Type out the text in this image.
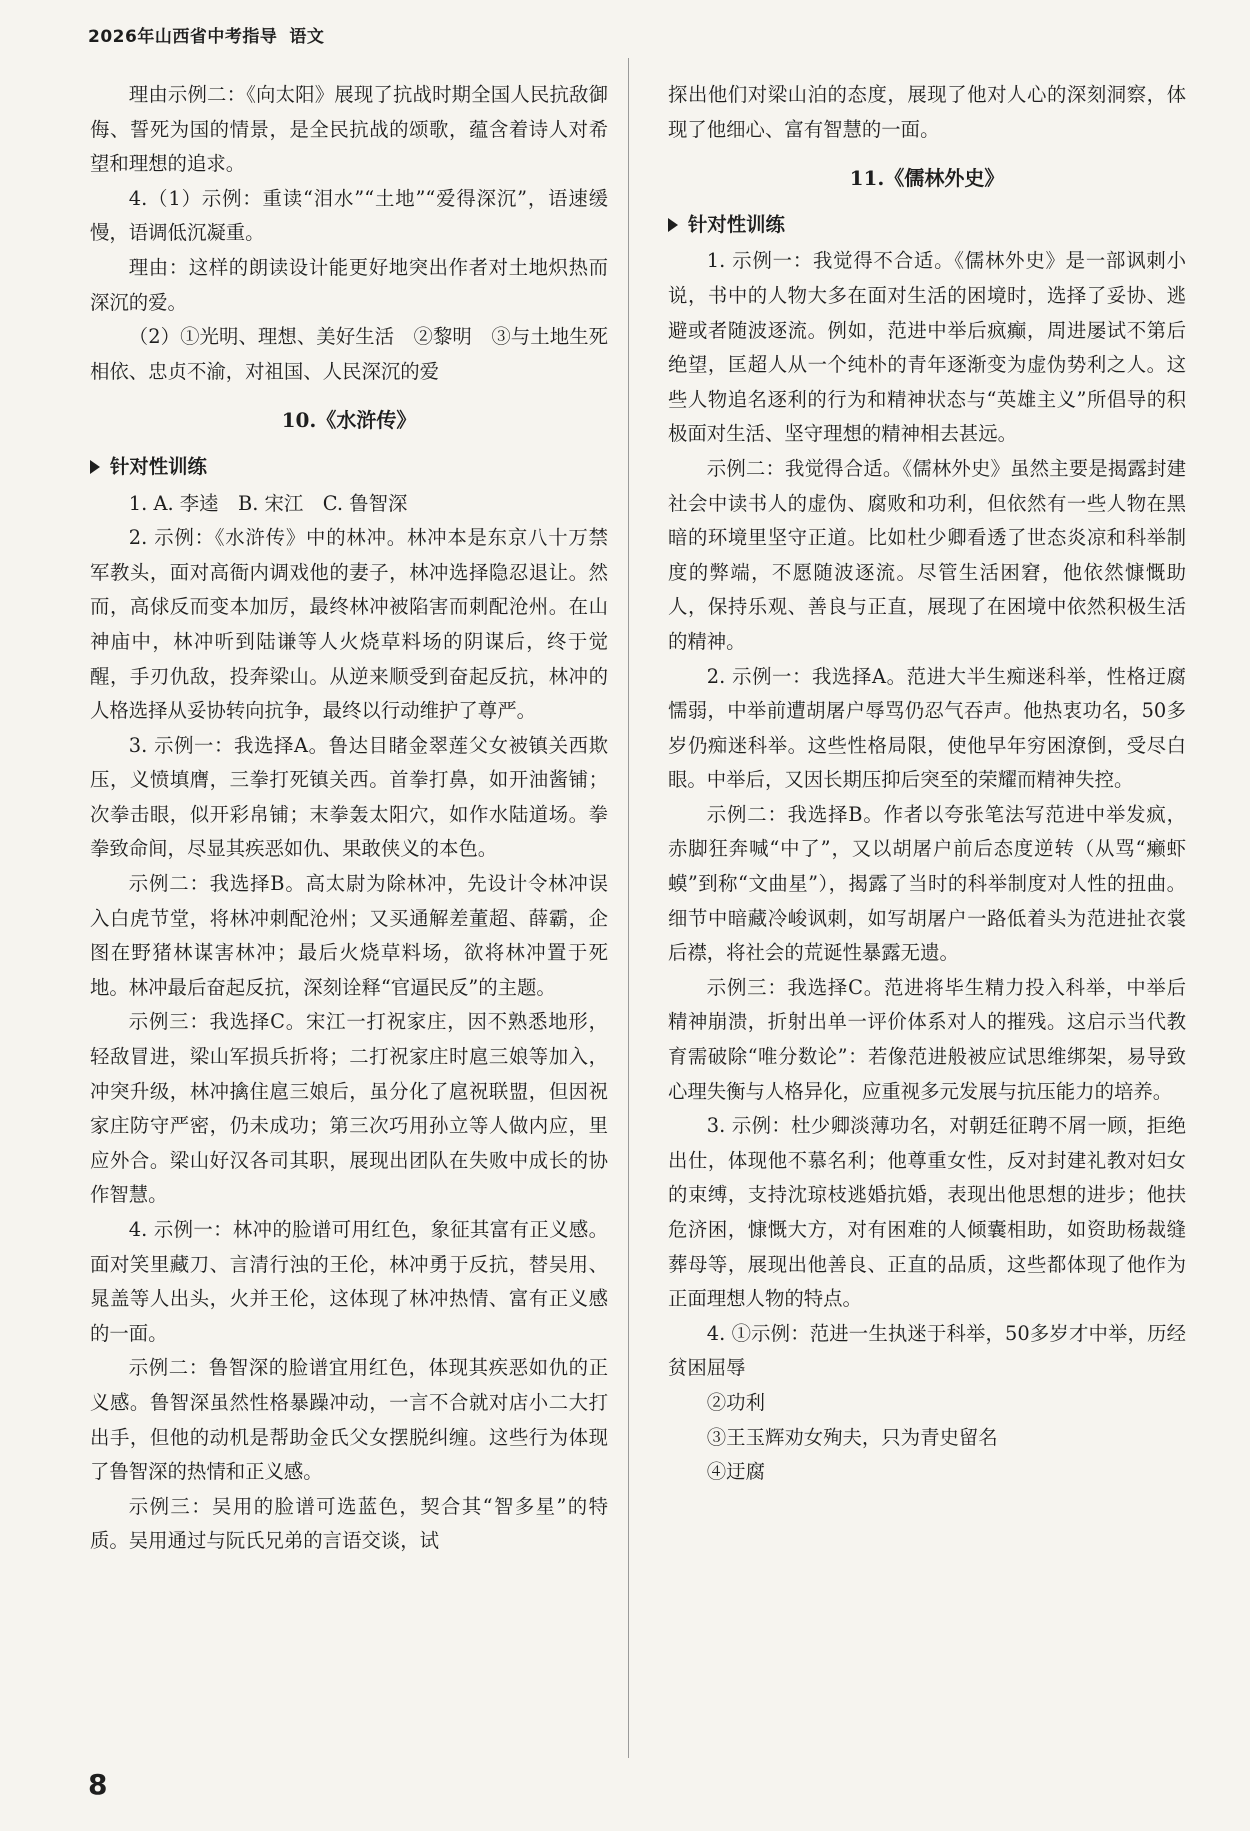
2026年山西省中考指导 语文

理由示例二：《向太阳》展现了抗战时期全国人民抗敌御侮、誓死为国的情景，是全民抗战的颂歌，蕴含着诗人对希望和理想的追求。

4.（1）示例：重读“泪水”“土地”“爱得深沉”，语速缓慢，语调低沉凝重。

理由：这样的朗读设计能更好地突出作者对土地炽热而深沉的爱。

（2）①光明、理想、美好生活　②黎明　③与土地生死相依、忠贞不渝，对祖国、人民深沉的爱

10.《水浒传》
针对性训练

1. A. 李逵　B. 宋江　C. 鲁智深

2. 示例：《水浒传》中的林冲。林冲本是东京八十万禁军教头，面对高衙内调戏他的妻子，林冲选择隐忍退让。然而，高俅反而变本加厉，最终林冲被陷害而刺配沧州。在山神庙中，林冲听到陆谦等人火烧草料场的阴谋后，终于觉醒，手刃仇敌，投奔梁山。从逆来顺受到奋起反抗，林冲的人格选择从妥协转向抗争，最终以行动维护了尊严。

3. 示例一：我选择A。鲁达目睹金翠莲父女被镇关西欺压，义愤填膺，三拳打死镇关西。首拳打鼻，如开油酱铺；次拳击眼，似开彩帛铺；末拳轰太阳穴，如作水陆道场。拳拳致命间，尽显其疾恶如仇、果敢侠义的本色。

示例二：我选择B。高太尉为除林冲，先设计令林冲误入白虎节堂，将林冲刺配沧州；又买通解差董超、薛霸，企图在野猪林谋害林冲；最后火烧草料场，欲将林冲置于死地。林冲最后奋起反抗，深刻诠释“官逼民反”的主题。

示例三：我选择C。宋江一打祝家庄，因不熟悉地形，轻敌冒进，梁山军损兵折将；二打祝家庄时扈三娘等加入，冲突升级，林冲擒住扈三娘后，虽分化了扈祝联盟，但因祝家庄防守严密，仍未成功；第三次巧用孙立等人做内应，里应外合。梁山好汉各司其职，展现出团队在失败中成长的协作智慧。

4. 示例一：林冲的脸谱可用红色，象征其富有正义感。面对笑里藏刀、言清行浊的王伦，林冲勇于反抗，替吴用、晁盖等人出头，火并王伦，这体现了林冲热情、富有正义感的一面。

示例二：鲁智深的脸谱宜用红色，体现其疾恶如仇的正义感。鲁智深虽然性格暴躁冲动，一言不合就对店小二大打出手，但他的动机是帮助金氏父女摆脱纠缠。这些行为体现了鲁智深的热情和正义感。

示例三：吴用的脸谱可选蓝色，契合其“智多星”的特质。吴用通过与阮氏兄弟的言语交谈，试

探出他们对梁山泊的态度，展现了他对人心的深刻洞察，体现了他细心、富有智慧的一面。

11.《儒林外史》
针对性训练

1. 示例一：我觉得不合适。《儒林外史》是一部讽刺小说，书中的人物大多在面对生活的困境时，选择了妥协、逃避或者随波逐流。例如，范进中举后疯癫，周进屡试不第后绝望，匡超人从一个纯朴的青年逐渐变为虚伪势利之人。这些人物追名逐利的行为和精神状态与“英雄主义”所倡导的积极面对生活、坚守理想的精神相去甚远。

示例二：我觉得合适。《儒林外史》虽然主要是揭露封建社会中读书人的虚伪、腐败和功利，但依然有一些人物在黑暗的环境里坚守正道。比如杜少卿看透了世态炎凉和科举制度的弊端，不愿随波逐流。尽管生活困窘，他依然慷慨助人，保持乐观、善良与正直，展现了在困境中依然积极生活的精神。

2. 示例一：我选择A。范进大半生痴迷科举，性格迂腐懦弱，中举前遭胡屠户辱骂仍忍气吞声。他热衷功名，50多岁仍痴迷科举。这些性格局限，使他早年穷困潦倒，受尽白眼。中举后，又因长期压抑后突至的荣耀而精神失控。

示例二：我选择B。作者以夸张笔法写范进中举发疯，赤脚狂奔喊“中了”，又以胡屠户前后态度逆转（从骂“癞虾蟆”到称“文曲星”），揭露了当时的科举制度对人性的扭曲。细节中暗藏冷峻讽刺，如写胡屠户一路低着头为范进扯衣裳后襟，将社会的荒诞性暴露无遗。

示例三：我选择C。范进将毕生精力投入科举，中举后精神崩溃，折射出单一评价体系对人的摧残。这启示当代教育需破除“唯分数论”：若像范进般被应试思维绑架，易导致心理失衡与人格异化，应重视多元发展与抗压能力的培养。

3. 示例：杜少卿淡薄功名，对朝廷征聘不屑一顾，拒绝出仕，体现他不慕名利；他尊重女性，反对封建礼教对妇女的束缚，支持沈琼枝逃婚抗婚，表现出他思想的进步；他扶危济困，慷慨大方，对有困难的人倾囊相助，如资助杨裁缝葬母等，展现出他善良、正直的品质，这些都体现了他作为正面理想人物的特点。

4. ①示例：范进一生执迷于科举，50多岁才中举，历经贫困屈辱

②功利

③王玉辉劝女殉夫，只为青史留名

④迂腐

8
